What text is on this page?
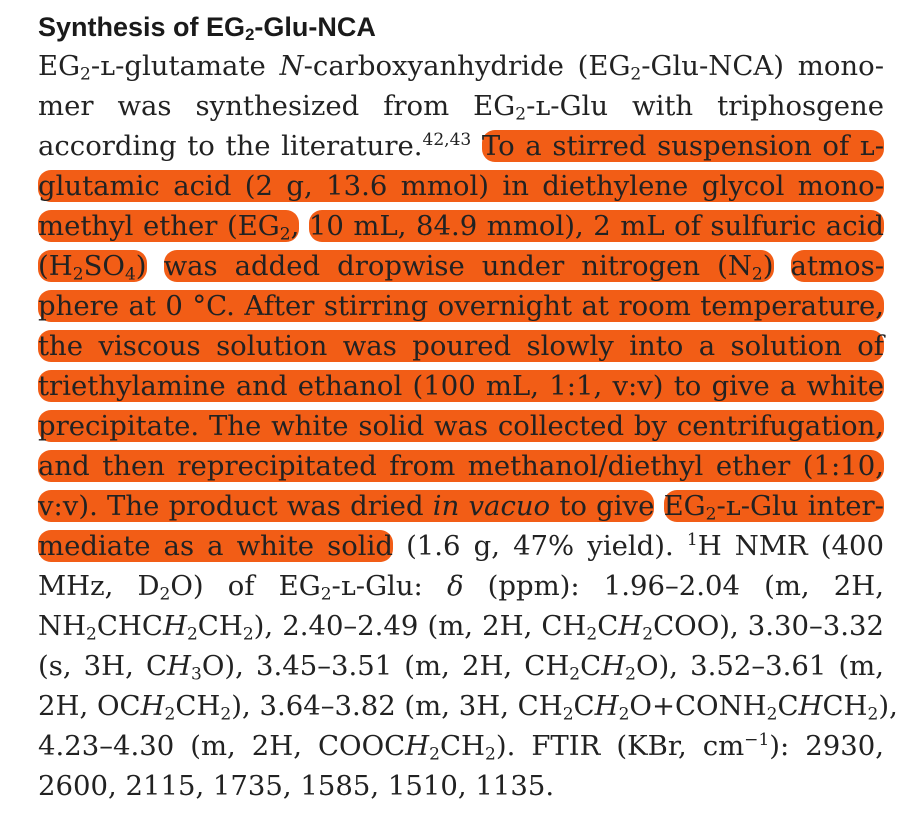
Synthesis of $EG_2-Glu$-NCA
$EG_2-ʟ$-glutamate N-carboxyanhydride $(EG_2-Glu-NCA)$ mono-
mer was synthesized from $EG_2-ʟ$-Glu with triphosgene
according to the literature.$^{42,43}$ To a stirred suspension of ʟ-
glutamic acid (2 g, 13.6 mmol) in diethylene glycol mono-
methyl ether ($EG_2$, 10 mL, 84.9 mmol), 2 mL of sulfuric acid
$(H_2SO_4)$ was added dropwise under nitrogen $(N_2)$ atmos-
phere at 0 °C. After stirring overnight at room temperature,
the viscous solution was poured slowly into a solution of
triethylamine and ethanol (100 mL, 1:1, v:v) to give a white
precipitate. The white solid was collected by centrifugation,
and then reprecipitated from methanol/diethyl ether (1:10,
v:v). The product was dried in vacuo to give $EG_2-ʟ$-Glu inter-
mediate as a white solid (1.6 g, 47% yield). $^1$H NMR (400
MHz, $D_2O$) of $EG_2-ʟ$-Glu: δ (ppm): 1.96–2.04 (m, 2H,
$NH_2CHCH_2CH_2$), 2.40–2.49 (m, 2H, $CH_2CH_2COO$), 3.30–3.32
(s, 3H, $CH_3O$), 3.45–3.51 (m, 2H, $CH_2CH_2O$), 3.52–3.61 (m,
2H, $OCH_2CH_2$), 3.64–3.82 (m, 3H, $CH_2CH_2O+CONH_2CHCH_2$),
4.23–4.30 (m, 2H, $COOCH_2CH_2$). FTIR (KBr, $cm^{-1}$): 2930,
2600, 2115, 1735, 1585, 1510, 1135.
